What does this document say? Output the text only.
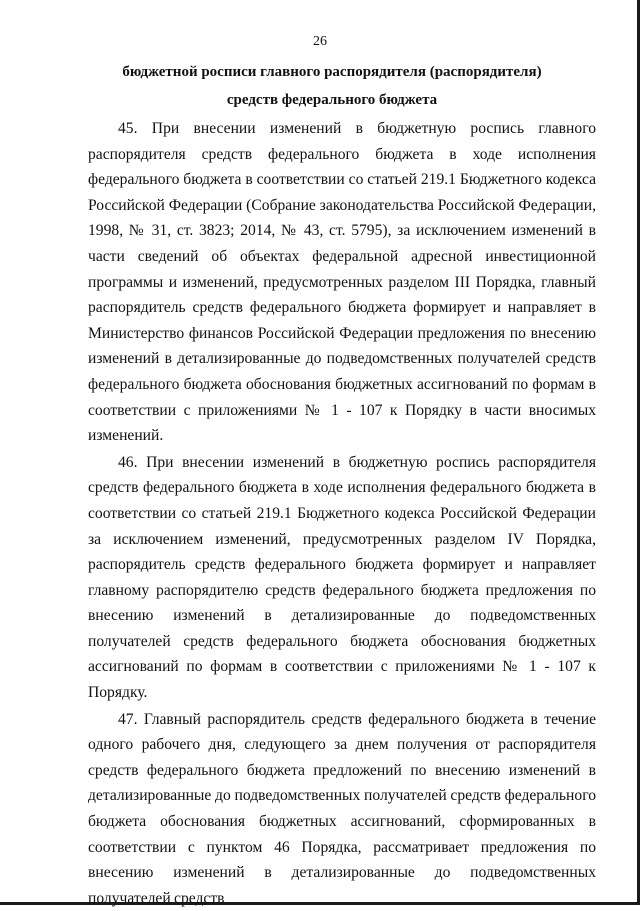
26
бюджетной росписи главного распорядителя (распорядителя)
средств федерального бюджета

45. При внесении изменений в бюджетную роспись главного распорядителя средств федерального бюджета в ходе исполнения федерального бюджета в соответствии со статьей 219.1 Бюджетного кодекса Российской Федерации (Собрание законодательства Российской Федерации, 1998, № 31, ст. 3823; 2014, № 43, ст. 5795), за исключением изменений в части сведений об объектах федеральной адресной инвестиционной программы и изменений, предусмотренных разделом III Порядка, главный распорядитель средств федерального бюджета формирует и направляет в Министерство финансов Российской Федерации предложения по внесению изменений в детализированные до подведомственных получателей средств федерального бюджета обоснования бюджетных ассигнований по формам в соответствии с приложениями № 1 - 107 к Порядку в части вносимых изменений.

46. При внесении изменений в бюджетную роспись распорядителя средств федерального бюджета в ходе исполнения федерального бюджета в соответствии со статьей 219.1 Бюджетного кодекса Российской Федерации за исключением изменений, предусмотренных разделом IV Порядка, распорядитель средств федерального бюджета формирует и направляет главному распорядителю средств федерального бюджета предложения по внесению изменений в детализированные до подведомственных получателей средств федерального бюджета обоснования бюджетных ассигнований по формам в соответствии с приложениями № 1 - 107 к Порядку.

47. Главный распорядитель средств федерального бюджета в течение одного рабочего дня, следующего за днем получения от распорядителя средств федерального бюджета предложений по внесению изменений в детализированные до подведомственных получателей средств федерального бюджета обоснования бюджетных ассигнований, сформированных в соответствии с пунктом 46 Порядка, рассматривает предложения по внесению изменений в детализированные до подведомственных получателей средств
